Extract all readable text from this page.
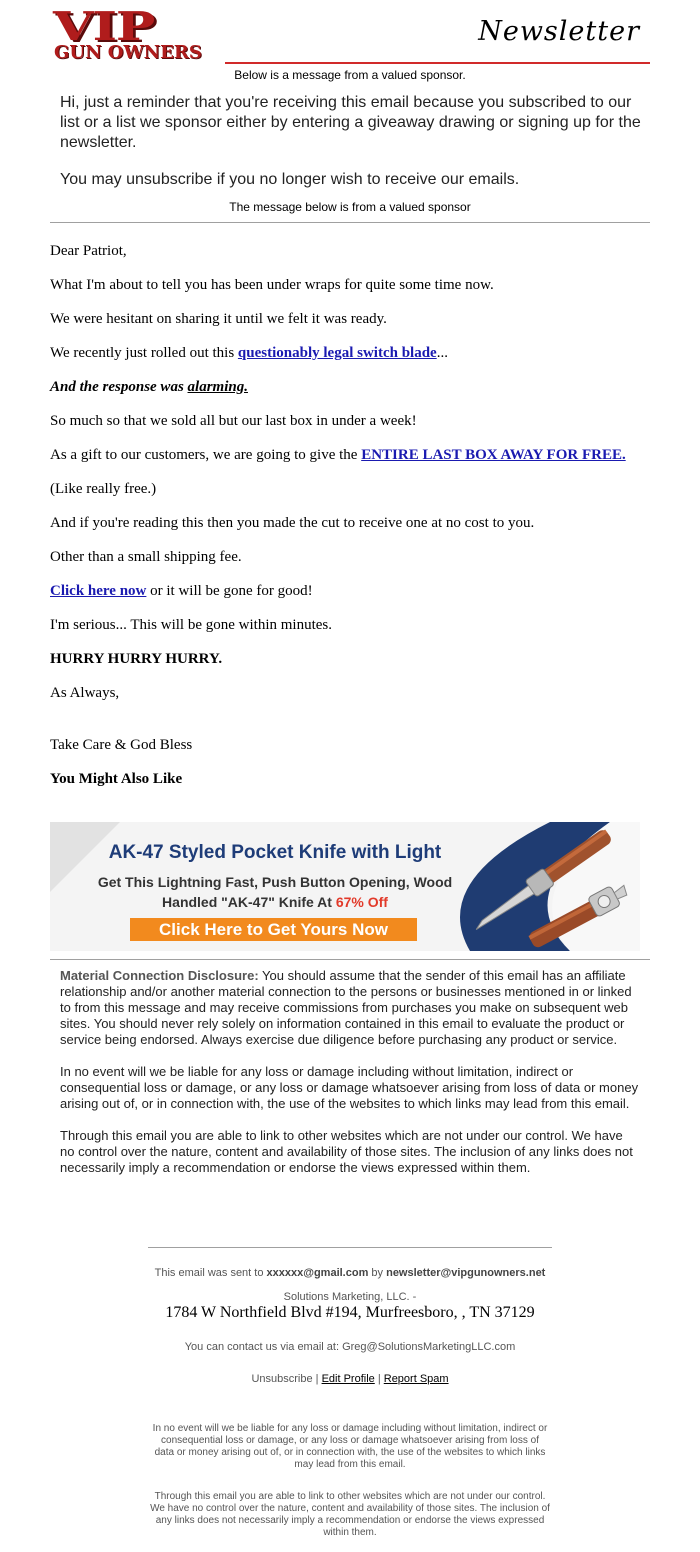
VIP
GUN OWNERS
Newsletter
Below is a message from a valued sponsor.

Hi, just a reminder that you're receiving this email because you subscribed to our list or a list we sponsor either by entering a giveaway drawing or signing up for the newsletter.

You may unsubscribe if you no longer wish to receive our emails.

The message below is from a valued sponsor

Dear Patriot,

What I'm about to tell you has been under wraps for quite some time now.

We were hesitant on sharing it until we felt it was ready.

We recently just rolled out this questionably legal switch blade...

And the response was alarming.

So much so that we sold all but our last box in under a week!

As a gift to our customers, we are going to give the ENTIRE LAST BOX AWAY FOR FREE.

(Like really free.)

And if you're reading this then you made the cut to receive one at no cost to you.

Other than a small shipping fee.

Click here now or it will be gone for good!

I'm serious... This will be gone within minutes.

HURRY HURRY HURRY.

As Always,

Take Care & God Bless

You Might Also Like

AK-47 Styled Pocket Knife with Light
Get This Lightning Fast, Push Button Opening, Wood
Handled "AK-47" Knife At 67% Off
Click Here to Get Yours Now

Material Connection Disclosure: You should assume that the sender of this email has an affiliate relationship and/or another material connection to the persons or businesses mentioned in or linked to from this message and may receive commissions from purchases you make on subsequent web sites. You should never rely solely on information contained in this email to evaluate the product or service being endorsed. Always exercise due diligence before purchasing any product or service.

In no event will we be liable for any loss or damage including without limitation, indirect or consequential loss or damage, or any loss or damage whatsoever arising from loss of data or money arising out of, or in connection with, the use of the websites to which links may lead from this email.

Through this email you are able to link to other websites which are not under our control. We have no control over the nature, content and availability of those sites. The inclusion of any links does not necessarily imply a recommendation or endorse the views expressed within them.

This email was sent to xxxxxx@gmail.com by newsletter@vipgunowners.net
Solutions Marketing, LLC. -
1784 W Northfield Blvd #194, Murfreesboro, , TN 37129
You can contact us via email at: Greg@SolutionsMarketingLLC.com
Unsubscribe | Edit Profile | Report Spam
In no event will we be liable for any loss or damage including without limitation, indirect or consequential loss or damage, or any loss or damage whatsoever arising from loss of data or money arising out of, or in connection with, the use of the websites to which links may lead from this email.
Through this email you are able to link to other websites which are not under our control. We have no control over the nature, content and availability of those sites. The inclusion of any links does not necessarily imply a recommendation or endorse the views expressed within them.
